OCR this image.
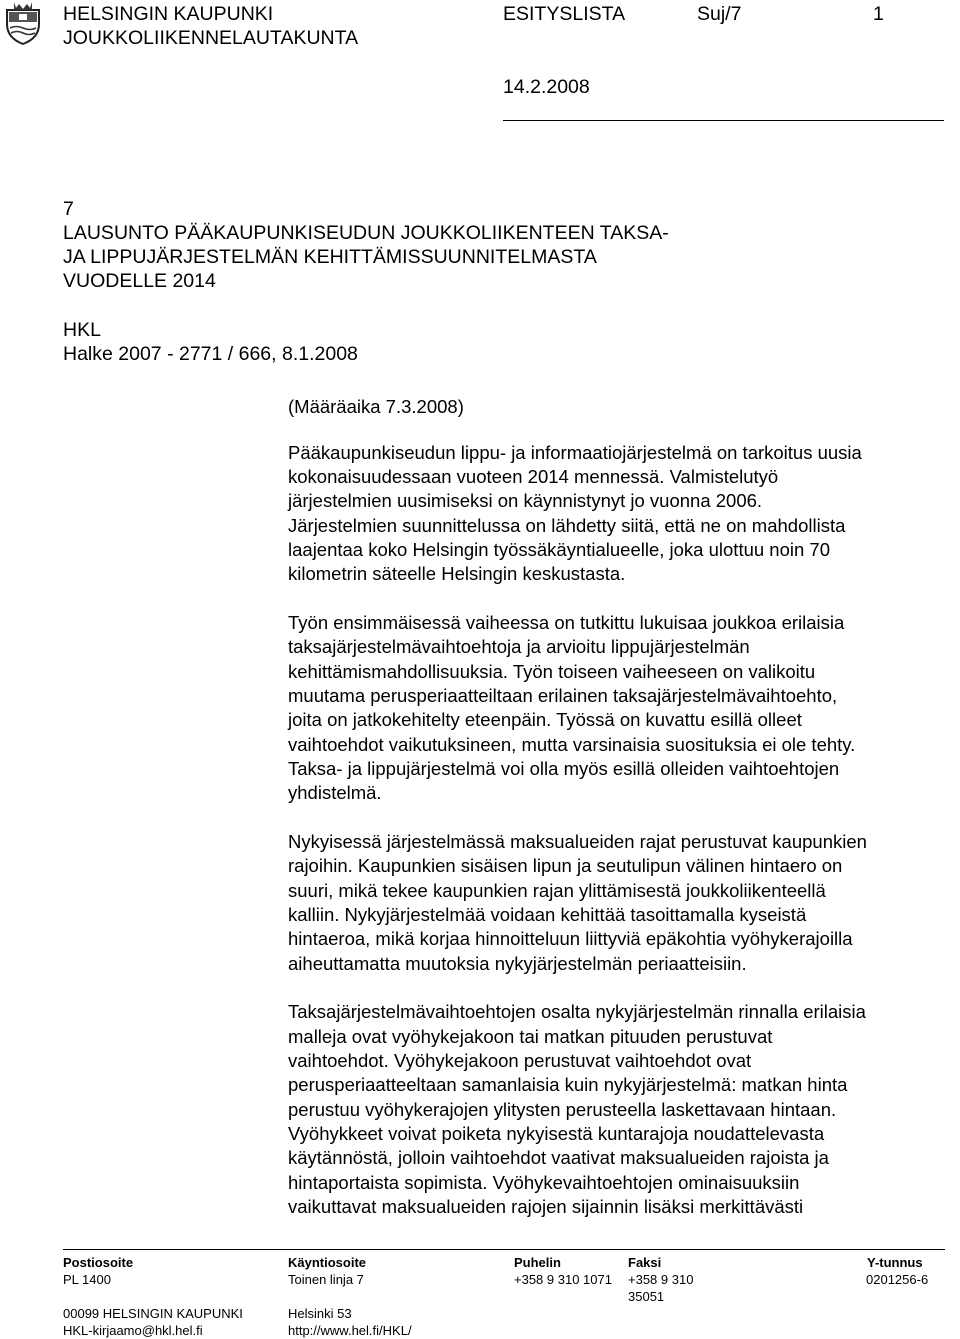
HELSINGIN KAUPUNKI
JOUKKOLIIKENNELAUTAKUNTA
ESITYSLISTA	Suj/7	1
14.2.2008
7
LAUSUNTO PÄÄKAUPUNKISEUDUN JOUKKOLIIKENTEEN TAKSA-
JA LIPPUJÄRJESTELMÄN KEHITTÄMISSUUNNITELMASTA
VUODELLE 2014
HKL
Halke 2007 - 2771 / 666, 8.1.2008
(Määräaika 7.3.2008)
Pääkaupunkiseudun lippu- ja informaatiojärjestelmä on tarkoitus uusia
kokonaisuudessaan vuoteen 2014 mennessä. Valmistelutyö
järjestelmien uusimiseksi on käynnistynyt jo vuonna 2006.
Järjestelmien suunnittelussa on lähdetty siitä, että ne on mahdollista
laajentaa koko Helsingin työssäkäyntialueelle, joka ulottuu noin 70
kilometrin säteelle Helsingin keskustasta.
Työn ensimmäisessä vaiheessa on tutkittu lukuisaa joukkoa erilaisia
taksajärjestelmävaihtoehtoja ja arvioitu lippujärjestelmän
kehittämismahdollisuuksia. Työn toiseen vaiheeseen on valikoitu
muutama perusperiaatteiltaan erilainen taksajärjestelmävaihtoehto,
joita on jatkokehitelty eteenpäin. Työssä on kuvattu esillä olleet
vaihtoehdot vaikutuksineen, mutta varsinaisia suosituksia ei ole tehty.
Taksa- ja lippujärjestelmä voi olla myös esillä olleiden vaihtoehtojen
yhdistelmä.
Nykyisessä järjestelmässä maksualueiden rajat perustuvat kaupunkien
rajoihin. Kaupunkien sisäisen lipun ja seutulipun välinen hintaero on
suuri, mikä tekee kaupunkien rajan ylittämisestä joukkoliikenteellä
kalliin. Nykyjärjestelmää voidaan kehittää tasoittamalla kyseistä
hintaeroa, mikä korjaa hinnoitteluun liittyviä epäkohtia vyöhykerajoilla
aiheuttamatta muutoksia nykyjärjestelmän periaatteisiin.
Taksajärjestelmävaihtoehtojen osalta nykyjärjestelmän rinnalla erilaisia
malleja ovat vyöhykejakoon tai matkan pituuden perustuvat
vaihtoehdot. Vyöhykejakoon perustuvat vaihtoehdot ovat
perusperiaatteeltaan samanlaisia kuin nykyjärjestelmä: matkan hinta
perustuu vyöhykerajojen ylitysten perusteella laskettavaan hintaan.
Vyöhykkeet voivat poiketa nykyisestä kuntarajoja noudattelevasta
käytännöstä, jolloin vaihtoehdot vaativat maksualueiden rajoista ja
hintaportaista sopimista. Vyöhykevaihtoehtojen ominaisuuksiin
vaikuttavat maksualueiden rajojen sijainnin lisäksi merkittävästi
Postiosoite
PL 1400
00099 HELSINGIN KAUPUNKI
HKL-kirjaamo@hkl.hel.fi
Käyntiosoite
Toinen linja 7
Helsinki 53
http://www.hel.fi/HKL/
Puhelin
+358 9 310 1071
Faksi
+358 9 310
35051
Y-tunnus
0201256-6
